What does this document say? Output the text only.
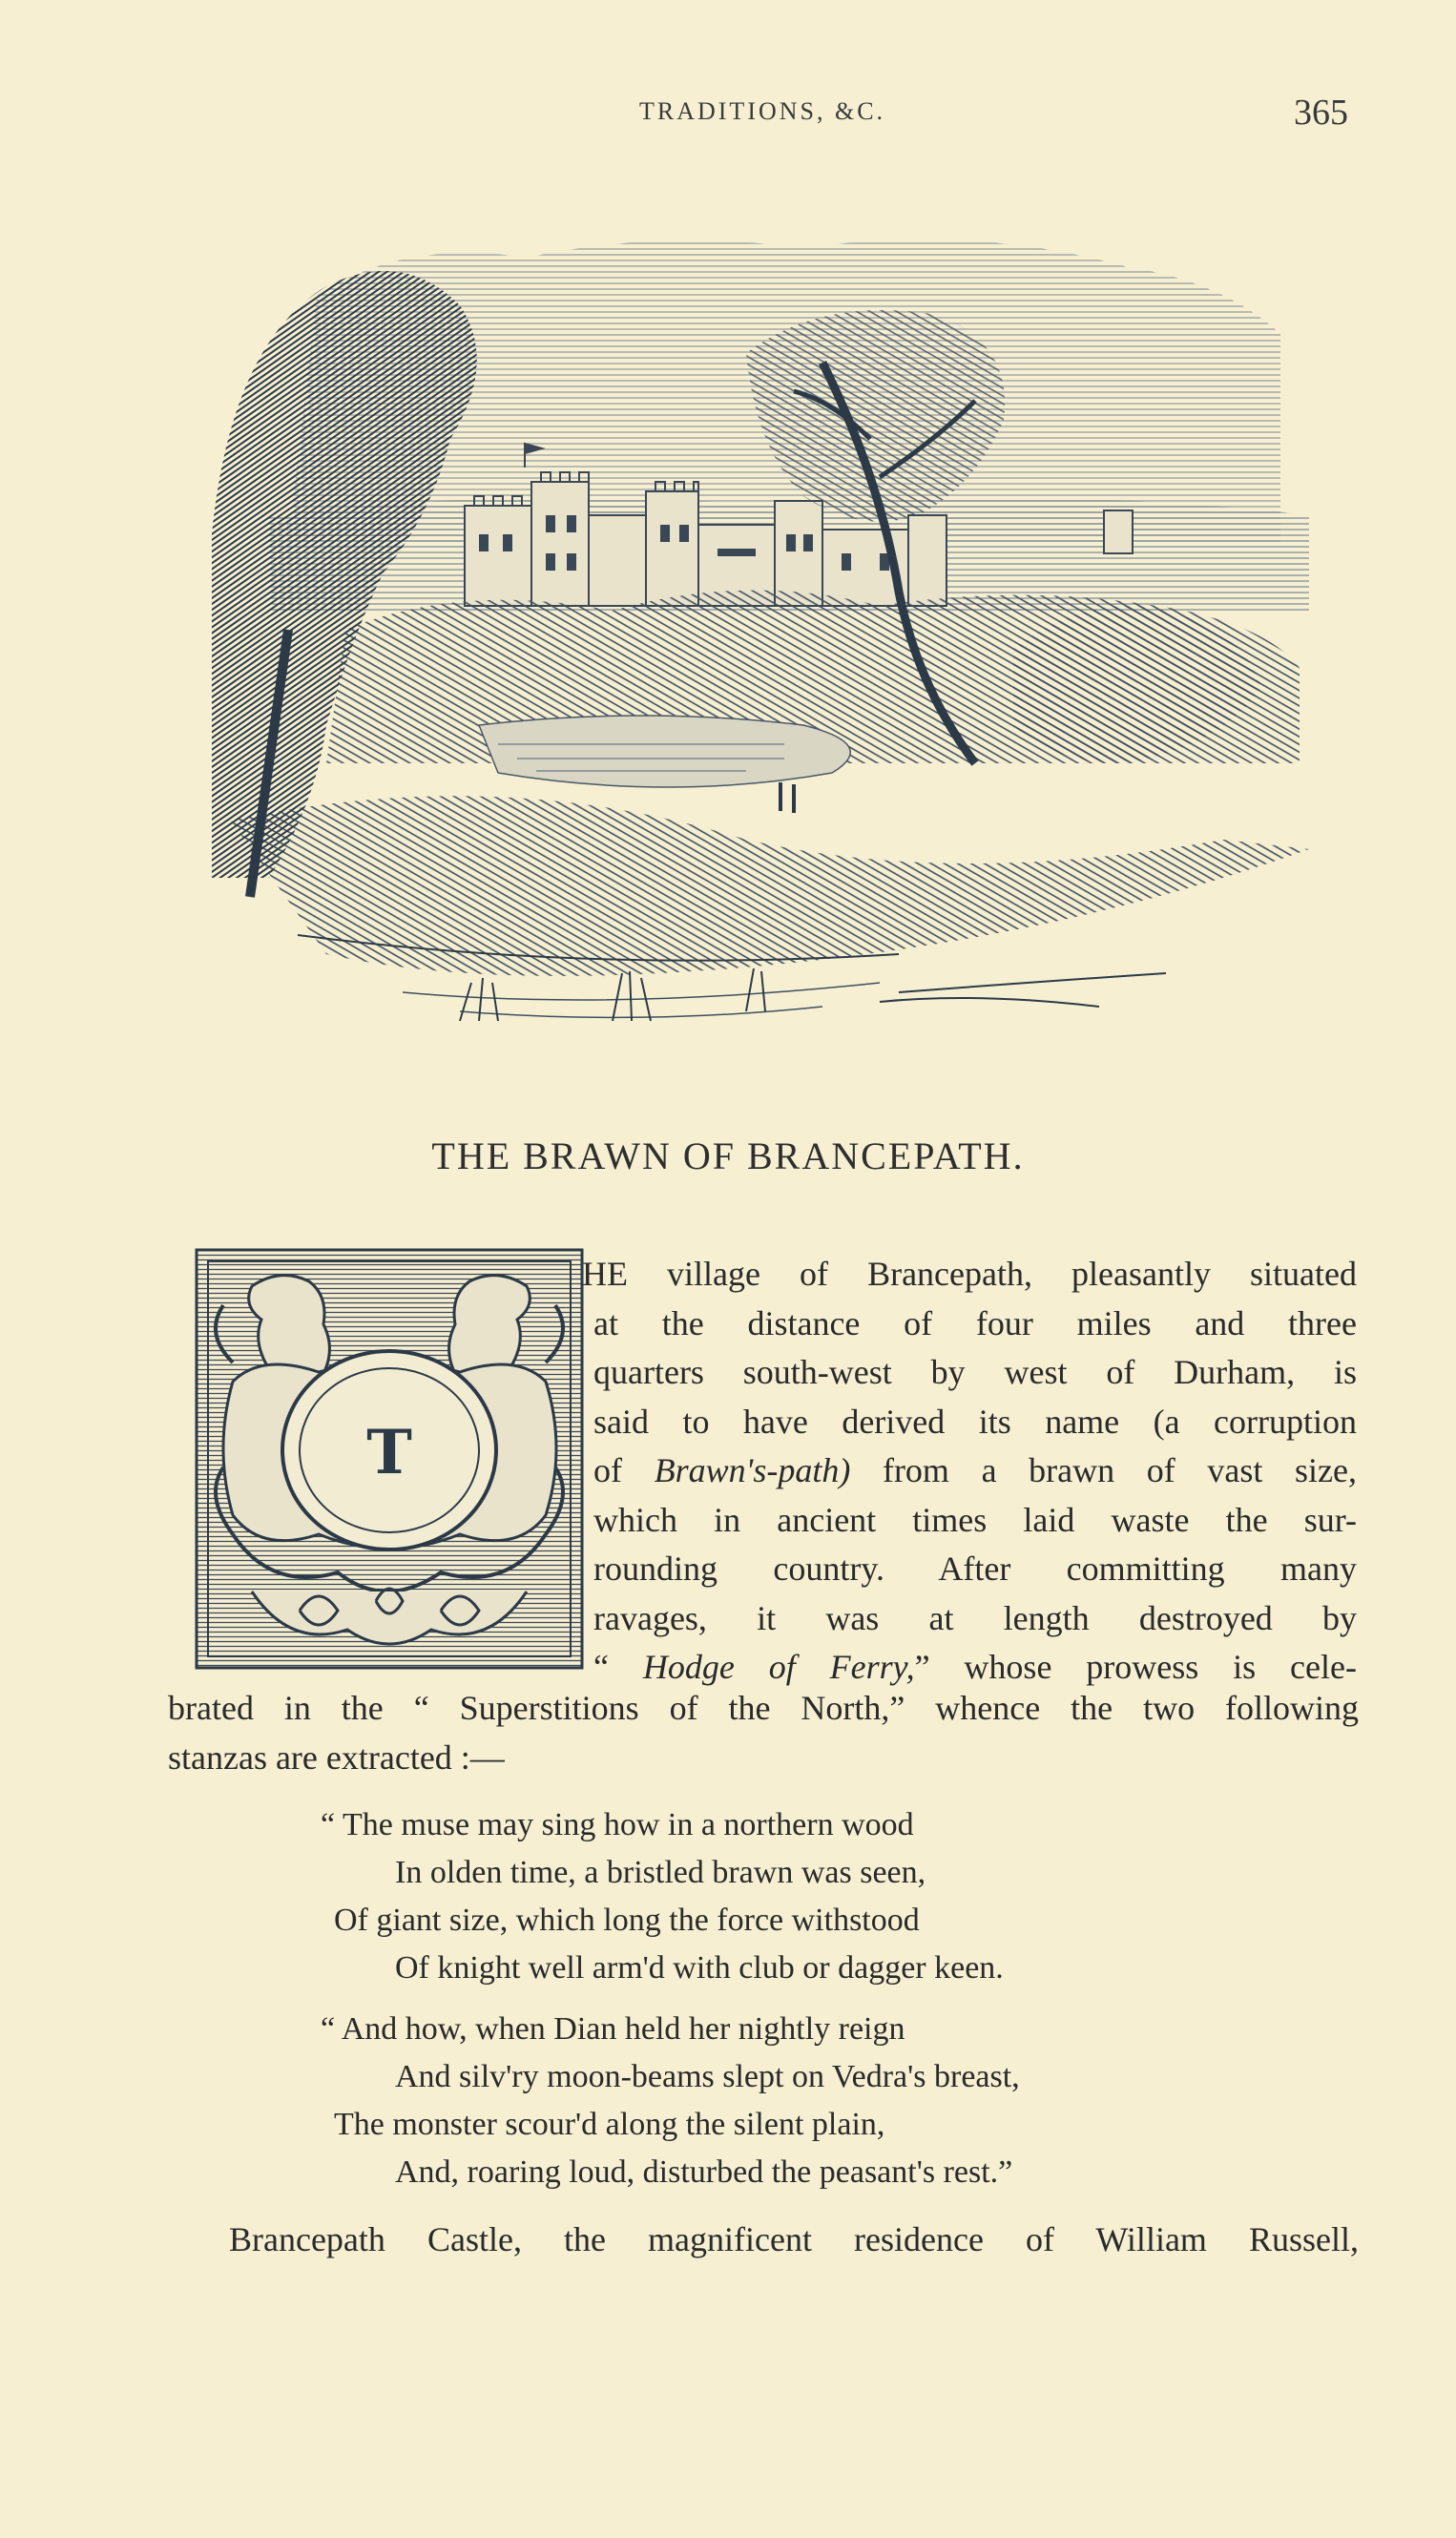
TRADITIONS, &C.	365
THE BRAWN OF BRANCEPATH.
T
HE village of Brancepath, pleasantly situated
at the distance of four miles and three
quarters south-west by west of Durham, is
said to have derived its name (a corruption
of Brawn's-path) from a brawn of vast size,
which in ancient times laid waste the sur-
rounding country. After committing many
ravages, it was at length destroyed by
“ Hodge of Ferry,” whose prowess is cele-
brated in the “ Superstitions of the North,” whence the two following
stanzas are extracted :—
“ The muse may sing how in a northern wood
In olden time, a bristled brawn was seen,
Of giant size, which long the force withstood
Of knight well arm'd with club or dagger keen.
“ And how, when Dian held her nightly reign
And silv'ry moon-beams slept on Vedra's breast,
The monster scour'd along the silent plain,
And, roaring loud, disturbed the peasant's rest.”
Brancepath Castle, the magnificent residence of William Russell,
